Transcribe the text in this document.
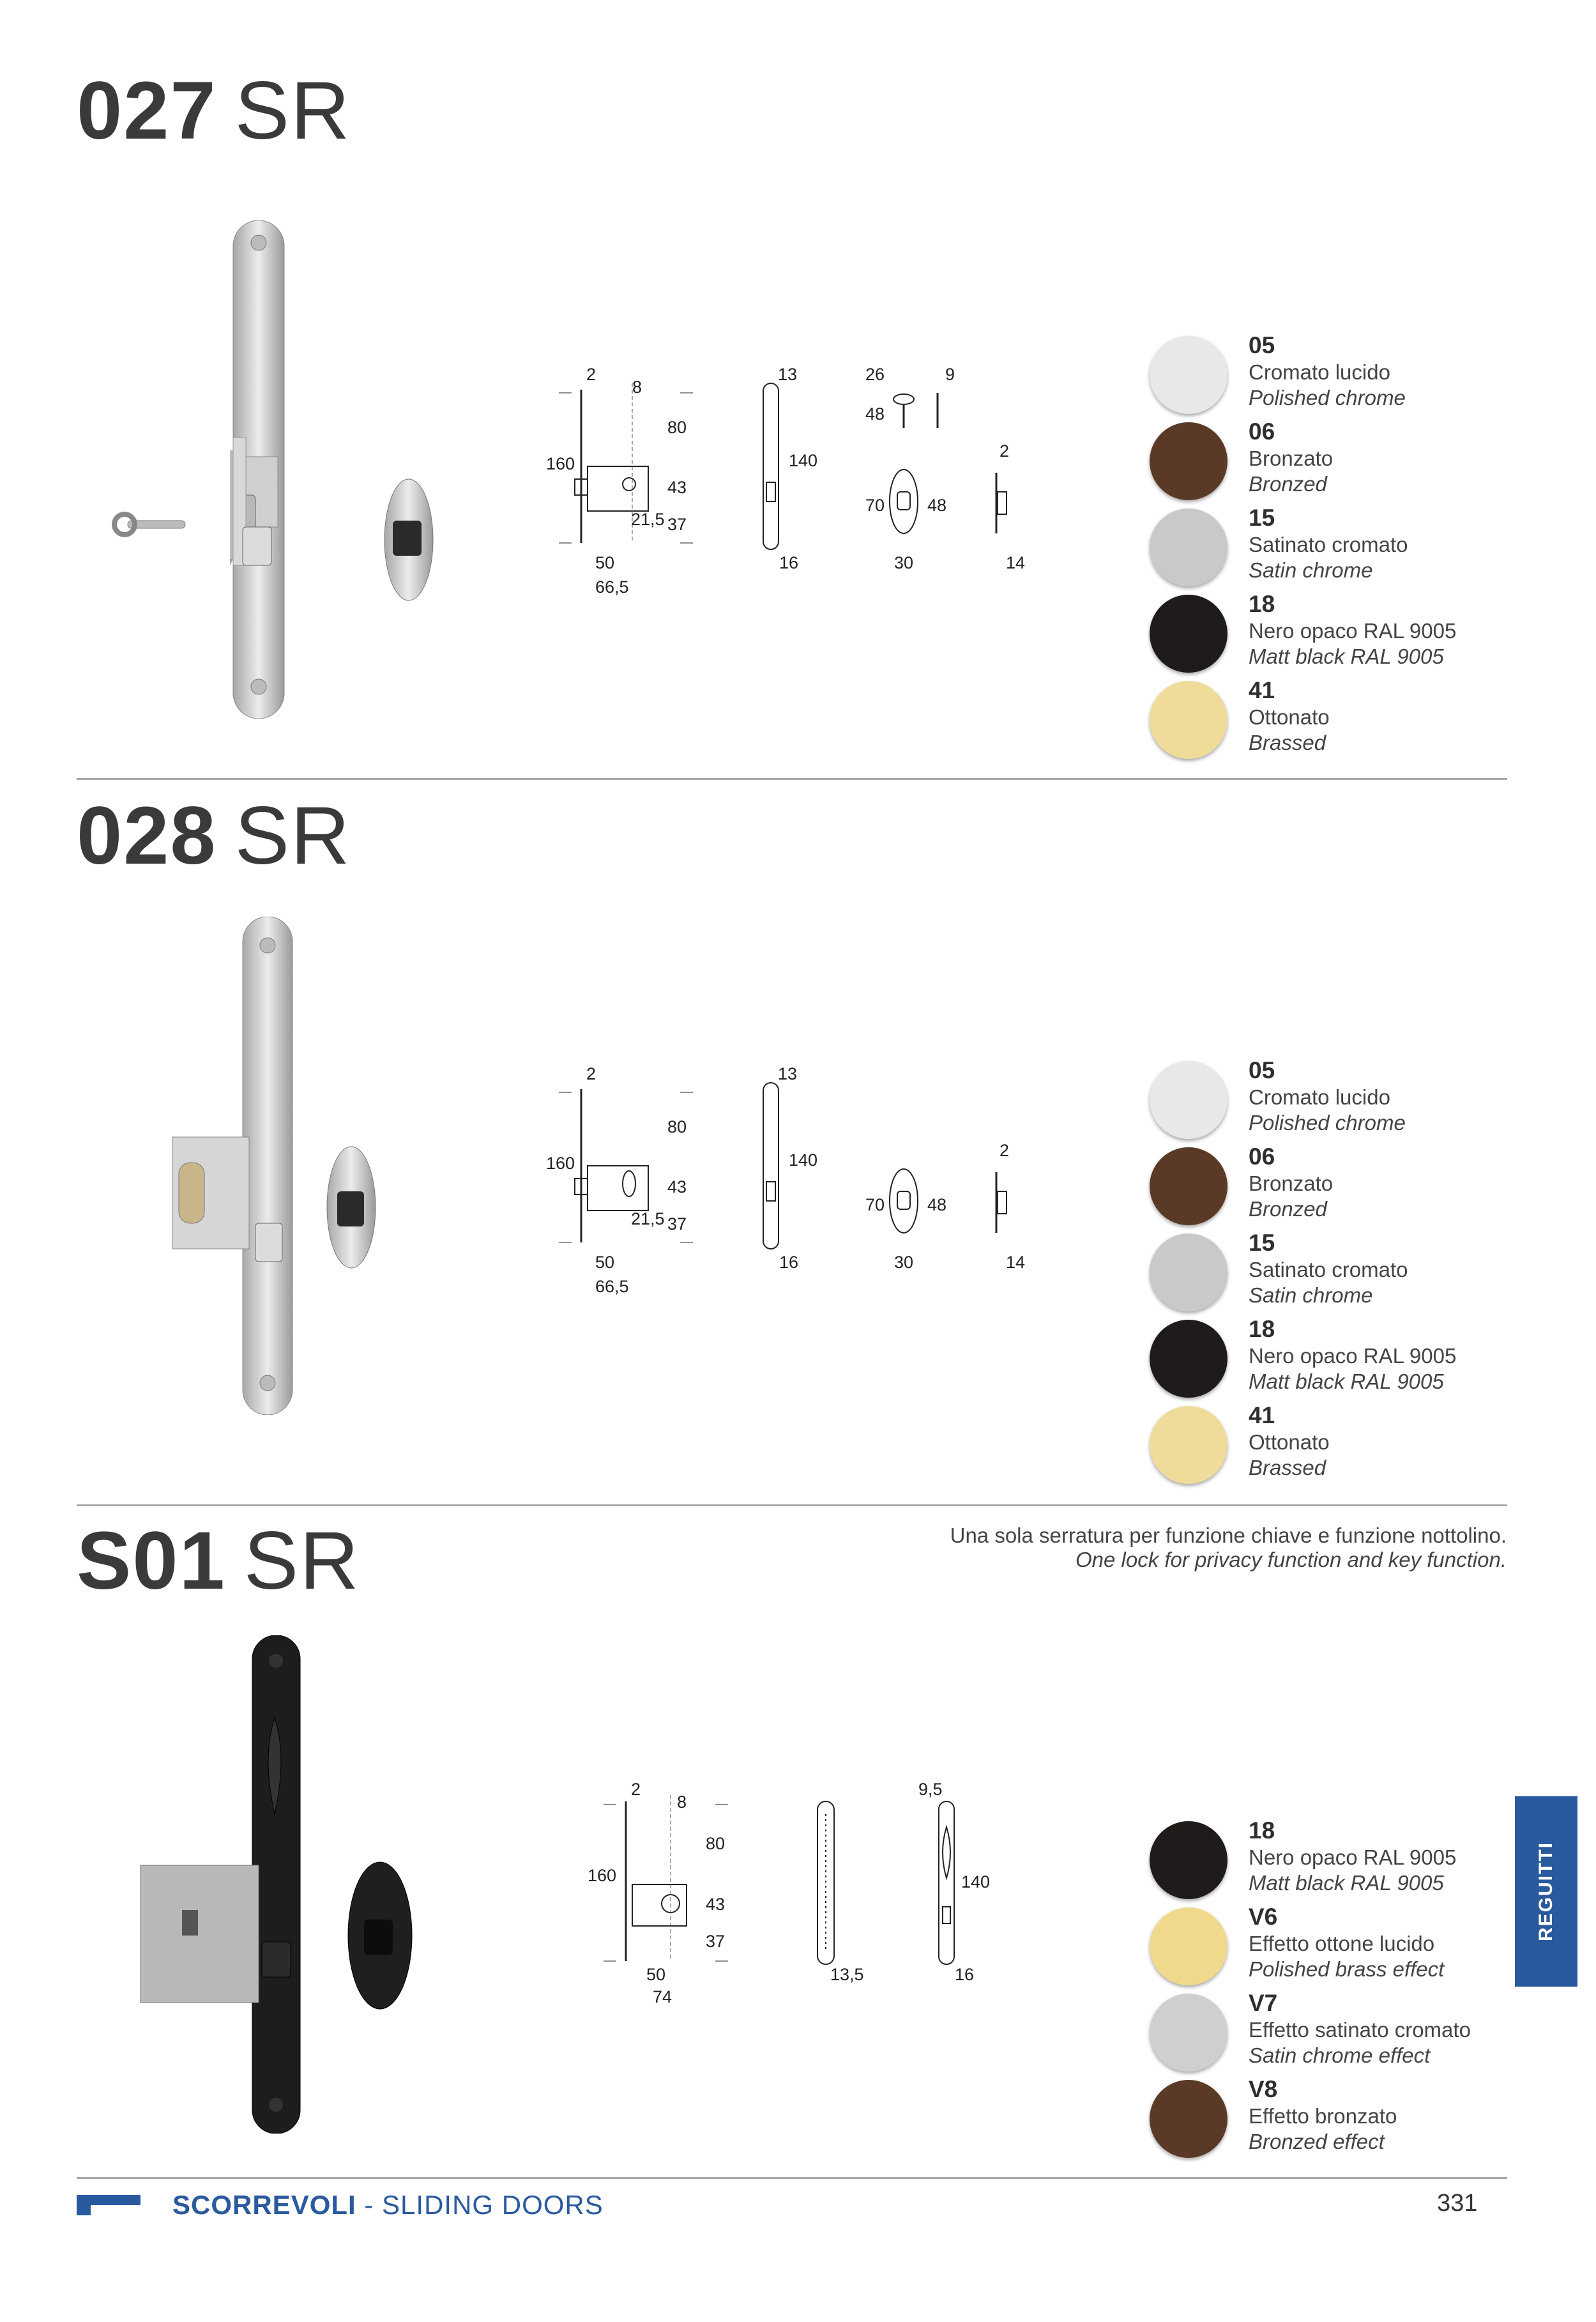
027 SR
2
8
80
160
43
21,5 37
50
66,5
13
140
16
26	9
48
70 48
30
2
14
05
Cromato lucido
Polished chrome
06
Bronzato
Bronzed
15
Satinato cromato
Satin chrome
18
Nero opaco RAL 9005
Matt black RAL 9005
41
Ottonato
Brassed
028 SR
2
80
160
43
21,5 37
50
66,5
13
140
16
70 48
30
2
14
05
Cromato lucido
Polished chrome
06
Bronzato
Bronzed
15
Satinato cromato
Satin chrome
18
Nero opaco RAL 9005
Matt black RAL 9005
41
Ottonato
Brassed
S01 SR	Una sola serratura per funzione chiave e funzione nottolino.
One lock for privacy function and key function.
2
8
80
160
43
37
50
74
13,5
9,5
140
16
18
Nero opaco RAL 9005
Matt black RAL 9005
V6
Effetto ottone lucido
Polished brass effect
V7
Effetto satinato cromato
Satin chrome effect
V8
Effetto bronzato
Bronzed effect
REGUITTI
SCORREVOLI - SLIDING DOORS	331
